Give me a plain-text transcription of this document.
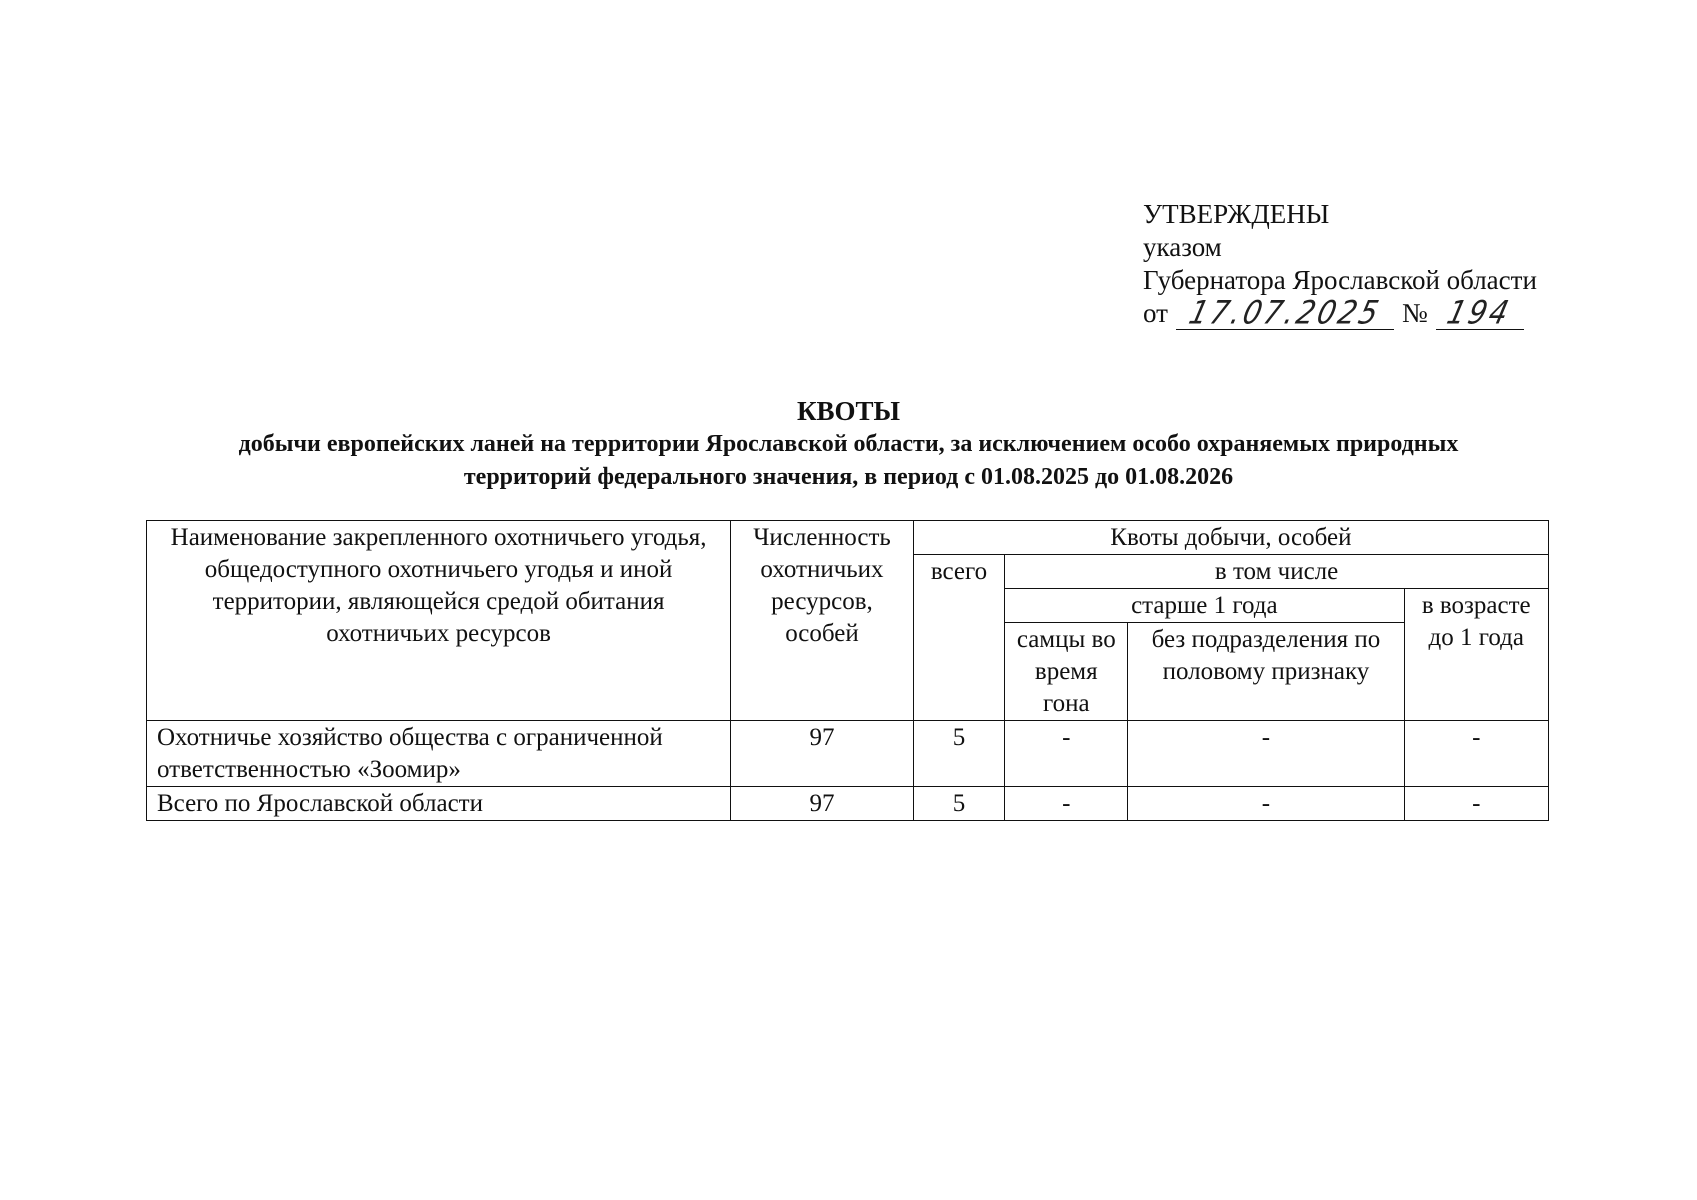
УТВЕРЖДЕНЫ
указом
Губернатора Ярославской области
от 17.07.2025 № 194
КВОТЫ
добычи европейских ланей на территории Ярославской области, за исключением особо охраняемых природных
территорий федерального значения, в период с 01.08.2025 до 01.08.2026
Наименование закрепленного охотничьего угодья, общедоступного охотничьего угодья и иной территории, являющейся средой обитания охотничьих ресурсов	Численность охотничьих ресурсов, особей	Квоты добычи, особей			
		всего	в том числе		
			старше 1 года		в возрасте до 1 года
			самцы во время гона	без подразделения по половому признаку	
Охотничье хозяйство общества с ограниченной ответственностью «Зоомир»	97	5	-	-	-
Всего по Ярославской области	97	5	-	-	-
